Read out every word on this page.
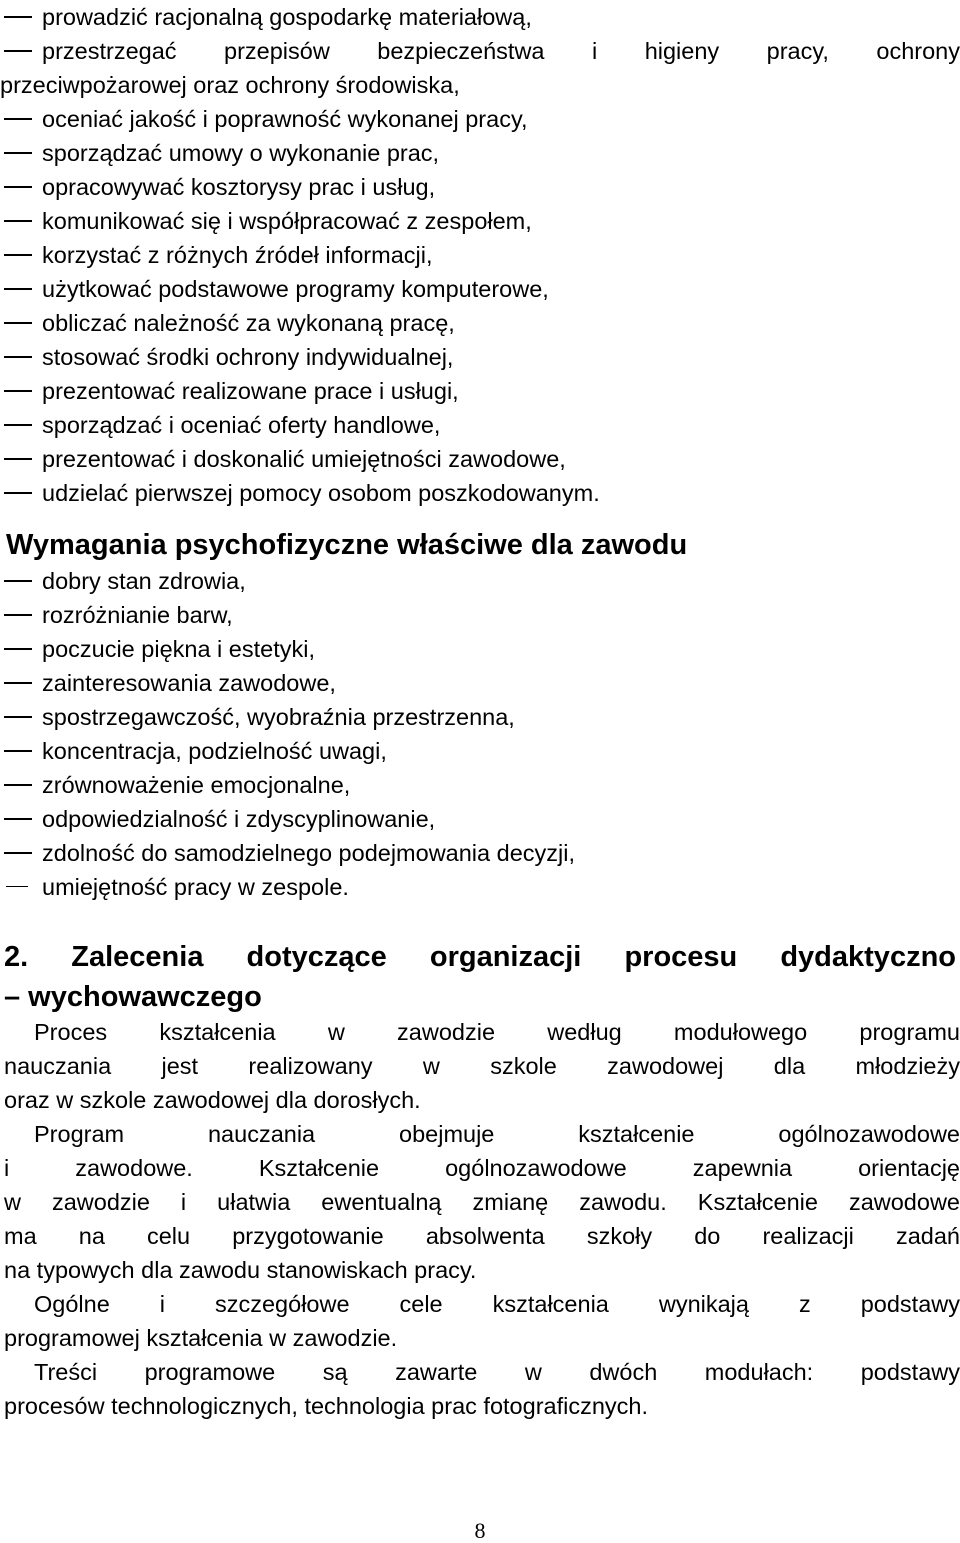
prowadzić racjonalną gospodarkę materiałową,
przestrzegać przepisów bezpieczeństwa i higieny pracy, ochrony
przeciwpożarowej oraz ochrony środowiska,
oceniać jakość i poprawność wykonanej pracy,
sporządzać umowy o wykonanie prac,
opracowywać kosztorysy prac i usług,
komunikować się i współpracować z zespołem,
korzystać z różnych źródeł informacji,
użytkować podstawowe programy komputerowe,
obliczać należność za wykonaną pracę,
stosować środki ochrony indywidualnej,
prezentować realizowane prace i usługi,
sporządzać i oceniać oferty handlowe,
prezentować i doskonalić umiejętności zawodowe,
udzielać pierwszej pomocy osobom poszkodowanym.
Wymagania psychofizyczne właściwe dla zawodu
dobry stan zdrowia,
rozróżnianie barw,
poczucie piękna i estetyki,
zainteresowania zawodowe,
spostrzegawczość, wyobraźnia przestrzenna,
koncentracja, podzielność uwagi,
zrównoważenie emocjonalne,
odpowiedzialność i zdyscyplinowanie,
zdolność do samodzielnego podejmowania decyzji,
umiejętność pracy w zespole.
2. Zalecenia dotyczące organizacji procesu dydaktyczno
– wychowawczego
Proces kształcenia w zawodzie według modułowego programu
nauczania jest realizowany w szkole zawodowej dla młodzieży
oraz w szkole zawodowej dla dorosłych.
Program nauczania obejmuje kształcenie ogólnozawodowe
i zawodowe. Kształcenie ogólnozawodowe zapewnia orientację
w zawodzie i ułatwia ewentualną zmianę zawodu. Kształcenie zawodowe
ma na celu przygotowanie absolwenta szkoły do realizacji zadań
na typowych dla zawodu stanowiskach pracy.
Ogólne i szczegółowe cele kształcenia wynikają z podstawy
programowej kształcenia w zawodzie.
Treści programowe są zawarte w dwóch modułach: podstawy
procesów technologicznych, technologia prac fotograficznych.
8
